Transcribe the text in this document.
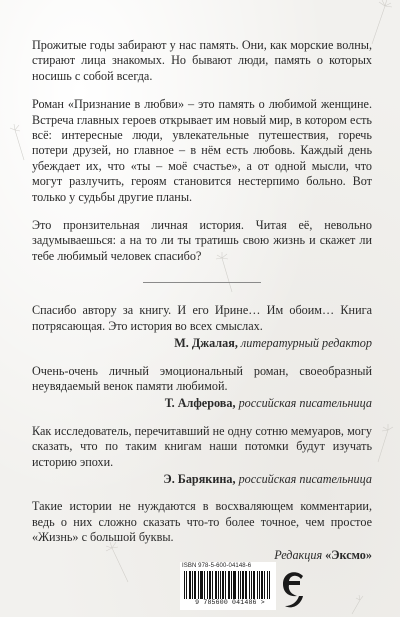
Прожитые годы забирают у нас память. Они, как морские волны, стирают лица знакомых. Но бывают люди, память о которых носишь с собой всегда.

Роман «Признание в любви» – это память о любимой женщине. Встреча главных героев открывает им новый мир, в котором есть всё: интересные люди, увлекательные путешествия, горечь потери друзей, но главное – в нём есть любовь. Каждый день убеждает их, что «ты – моё счастье», а от одной мысли, что могут разлучить, героям становится нестерпимо больно. Вот только у судьбы другие планы.

Это пронзительная личная история. Читая её, невольно задумываешься: а на то ли ты тратишь свою жизнь и скажет ли тебе любимый человек спасибо?

Спасибо автору за книгу. И его Ирине… Им обоим… Книга потрясающая. Это история во всех смыслах.

М. Джалая, литературный редактор

Очень-очень личный эмоциональный роман, своеобразный неувядаемый венок памяти любимой.

Т. Алферова, российская писательница

Как исследователь, перечитавший не одну сотню мемуаров, могу сказать, что по таким книгам наши потомки будут изучать историю эпохи.

Э. Барякина, российская писательница

Такие истории не нуждаются в восхваляющем комментарии, ведь о них сложно сказать что-то более точное, чем простое «Жизнь» с большой буквы.

Редакция «Эксмо»

ISBN 978-5-600-04148-6
9 785600 041486 >
